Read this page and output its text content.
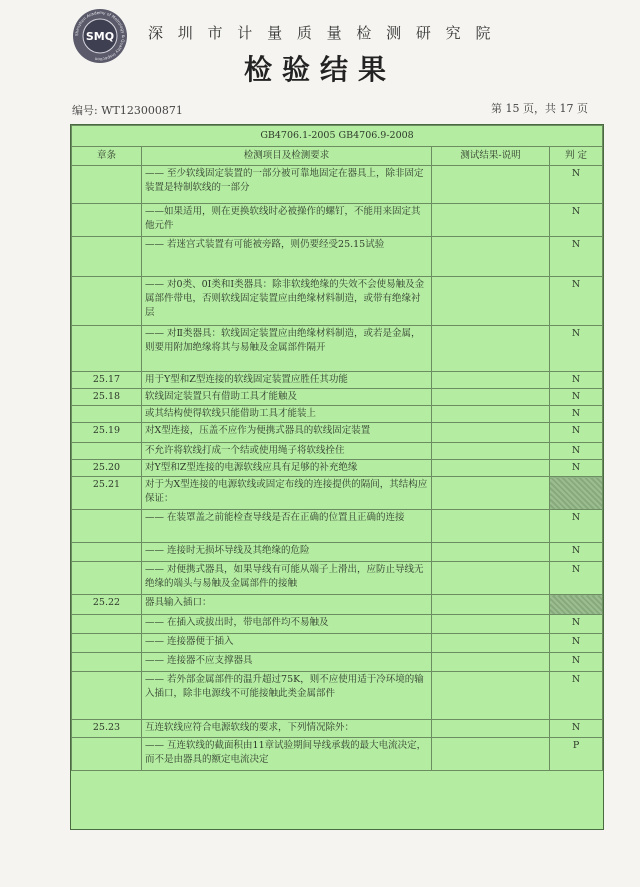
Shenzhen Academy of Metrology & Quality Inspection
SMQ 深 圳 市 计 量 质 量 检 测 研 究 院
检验结果
编号: WT123000871	第 15 页，共 17 页
GB4706.1-2005 GB4706.9-2008			
章条	检测项目及检测要求	测试结果-说明	判 定
	—— 至少软线固定装置的一部分被可靠地固定在器具上，除非固定装置是特制软线的一部分		N
	——如果适用，则在更换软线时必被操作的螺钉，不能用来固定其他元件		N
	—— 若迷宫式装置有可能被旁路，则仍要经受25.15试验		N
	—— 对0类、0Ⅰ类和Ⅰ类器具：除非软线绝缘的失效不会使易触及金属部件带电，否则软线固定装置应由绝缘材料制造，或带有绝缘衬层		N
	—— 对Ⅱ类器具：软线固定装置应由绝缘材料制造，或若是金属，则要用附加绝缘将其与易触及金属部件隔开		N
25.17	用于Y型和Z型连接的软线固定装置应胜任其功能		N
25.18	软线固定装置只有借助工具才能触及		N
	或其结构使得软线只能借助工具才能装上		N
25.19	对X型连接，压盖不应作为便携式器具的软线固定装置		N
	不允许将软线打成一个结或使用绳子将软线拴住		N
25.20	对Y型和Z型连接的电源软线应具有足够的补充绝缘		N
25.21	对于为X型连接的电源软线或固定布线的连接提供的隔间，其结构应保证：		
	—— 在装罩盖之前能检查导线是否在正确的位置且正确的连接		N
	—— 连接时无损坏导线及其绝缘的危险		N
	—— 对便携式器具，如果导线有可能从端子上滑出，应防止导线无绝缘的端头与易触及金属部件的接触		N
25.22	器具输入插口：		
	—— 在插入或拔出时，带电部件均不易触及		N
	—— 连接器便于插入		N
	—— 连接器不应支撑器具		N
	—— 若外部金属部件的温升超过75K，则不应使用适于冷环境的输入插口，除非电源线不可能接触此类金属部件		N
25.23	互连软线应符合电源软线的要求，下列情况除外：		N
	—— 互连软线的截面积由11章试验期间导线承载的最大电流决定，而不是由器具的额定电流决定		P
